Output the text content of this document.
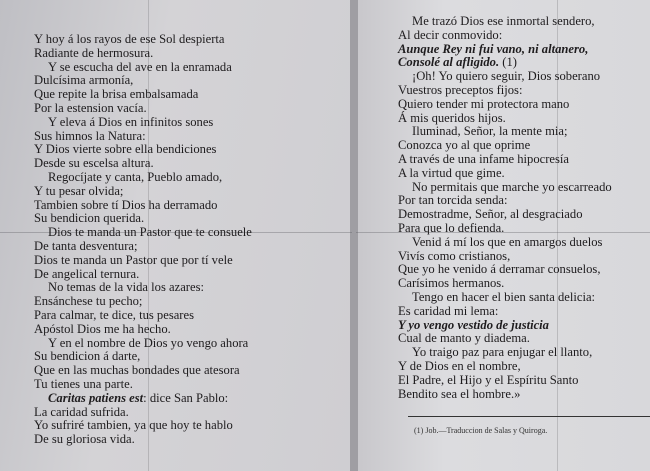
Y hoy á los rayos de ese Sol despierta
Radiante de hermosura.
Y se escucha del ave en la enramada
Dulcísima armonía,
Que repite la brisa embalsamada
Por la estension vacía.
Y eleva á Dios en infinitos sones
Sus himnos la Natura:
Y Dios vierte sobre ella bendiciones
Desde su escelsa altura.
Regocíjate y canta, Pueblo amado,
Y tu pesar olvida;
Tambien sobre tí Dios ha derramado
Su bendicion querida.
Dios te manda un Pastor que te consuele
De tanta desventura;
Dios te manda un Pastor que por tí vele
De angelical ternura.
No temas de la vida los azares:
Ensánchese tu pecho;
Para calmar, te dice, tus pesares
Apóstol Dios me ha hecho.
Y en el nombre de Dios yo vengo ahora
Su bendicion á darte,
Que en las muchas bondades que atesora
Tu tienes una parte.
Caritas patiens est: dice San Pablo:
La caridad sufrida.
Yo sufriré tambien, ya que hoy te hablo
De su gloriosa vida.
Me trazó Dios ese inmortal sendero,
Al decir conmovido:
Aunque Rey ni fui vano, ni altanero,
Consolé al afligido. (1)
¡Oh! Yo quiero seguir, Dios soberano
Vuestros preceptos fijos:
Quiero tender mi protectora mano
Á mis queridos hijos.
Iluminad, Señor, la mente mia;
Conozca yo al que oprime
A través de una infame hipocresía
A la virtud que gime.
No permitais que marche yo escarreado
Por tan torcida senda:
Demostradme, Señor, al desgraciado
Para que lo defienda.
Venid á mí los que en amargos duelos
Vivís como cristianos,
Que yo he venido á derramar consuelos,
Carísimos hermanos.
Tengo en hacer el bien santa delicia:
Es caridad mi lema:
Y yo vengo vestido de justicia
Cual de manto y diadema.
Yo traigo paz para enjugar el llanto,
Y de Dios en el nombre,
El Padre, el Hijo y el Espíritu Santo
Bendito sea el hombre.»
(1) Job.—Traduccion de Salas y Quiroga.
